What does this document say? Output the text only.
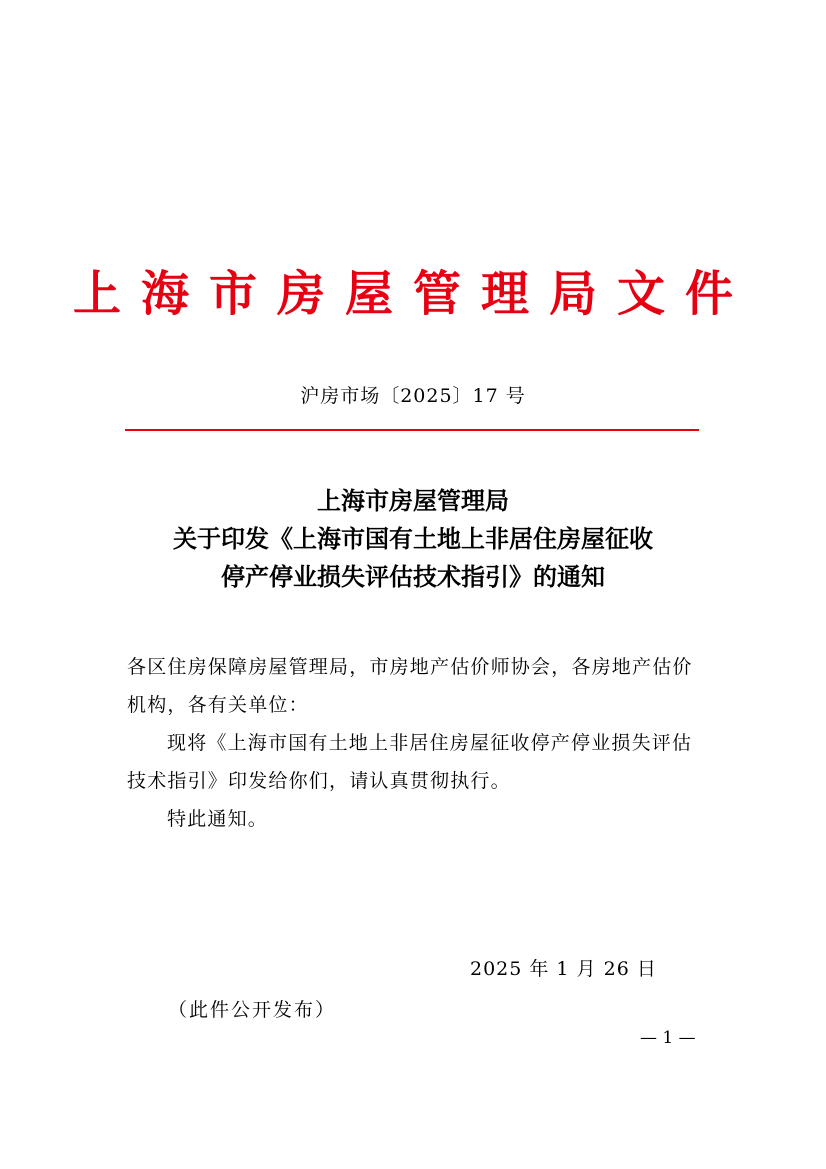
上海市房屋管理局文件
沪房市场〔2025〕17 号
上海市房屋管理局
关于印发《上海市国有土地上非居住房屋征收
停产停业损失评估技术指引》的通知

各区住房保障房屋管理局，市房地产估价师协会，各房地产估价机构，各有关单位：

现将《上海市国有土地上非居住房屋征收停产停业损失评估技术指引》印发给你们，请认真贯彻执行。

特此通知。

2025 年 1 月 26 日
（此件公开发布）
— 1 —
